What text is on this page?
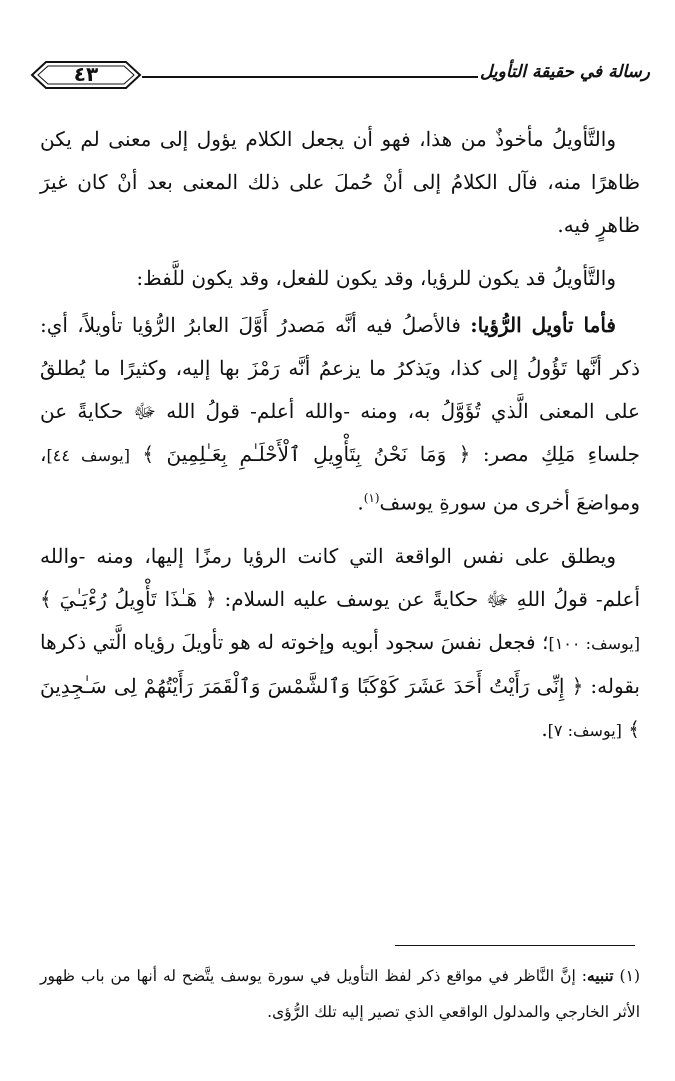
٤٣	رسالة في حقيقة التأويل

والتَّأويلُ مأخوذٌ من هذا، فهو أن يجعل الكلام يؤول إلى معنى لم يكن ظاهرًا منه، فآل الكلامُ إلى أنْ حُملَ على ذلك المعنى بعد أنْ كان غيرَ ظاهرٍ فيه.

والتَّأويلُ قد يكون للرؤيا، وقد يكون للفعل، وقد يكون للَّفظ:

فأما تأويل الرُّؤيا: فالأصلُ فيه أنَّه مَصدرُ أَوَّلَ العابرُ الرُّؤيا تأويلاً، أي: ذكر أنَّها تَؤُولُ إلى كذا، ويَذكرُ ما يزعمُ أنَّه رَمْزَ بها إليه، وكثيرًا ما يُطلقُ على المعنى الَّذي تُؤَوَّلُ به، ومنه -والله أعلم- قولُ الله ﷻ حكايةً عن جلساءِ مَلِكِ مصر: ﴿ وَمَا نَحْنُ بِتَأْوِيلِ ٱلْأَحْلَـٰمِ بِعَـٰلِمِينَ ﴾ [يوسف ٤٤]، ومواضعَ أخرى من سورةِ يوسف$^{(١)}$.

ويطلق على نفس الواقعة التي كانت الرؤيا رمزًا إليها، ومنه -والله أعلم- قولُ اللهِ ﷻ حكايةً عن يوسف عليه السلام: ﴿ هَـٰذَا تَأْوِيلُ رُءْيَـٰيَ ﴾ [يوسف: ١٠٠]؛ فجعل نفسَ سجود أبويه وإخوته له هو تأويلَ رؤياه الَّتي ذكرها بقوله: ﴿ إِنِّى رَأَيْتُ أَحَدَ عَشَرَ كَوْكَبًا وَٱلشَّمْسَ وَٱلْقَمَرَ رَأَيْتُهُمْ لِى سَـٰجِدِينَ ﴾ [يوسف: ٧].

(١) تنبيه: إنَّ النَّاظر في مواقع ذكر لفظ التأويل في سورة يوسف يتَّضح له أنها من باب ظهور الأثر الخارجي والمدلول الواقعي الذي تصير إليه تلك الرُّؤى.
